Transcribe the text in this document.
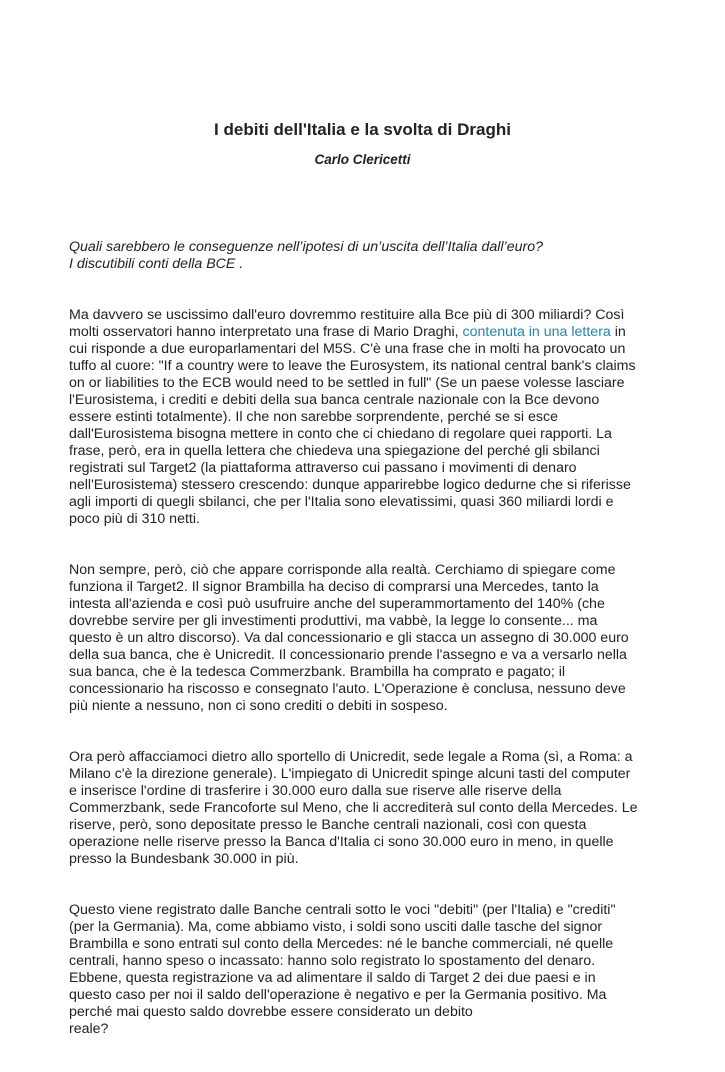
I debiti dell'Italia e la svolta di Draghi
Carlo Clericetti

Quali sarebbero le conseguenze nell’ipotesi di un’uscita dell’Italia dall’euro?
I discutibili conti della BCE .

Ma davvero se uscissimo dall'euro dovremmo restituire alla Bce più di 300 miliardi? Così
molti osservatori hanno interpretato una frase di Mario Draghi, contenuta in una lettera in
cui risponde a due europarlamentari del M5S. C'è una frase che in molti ha provocato un
tuffo al cuore: "If a country were to leave the Eurosystem, its national central bank's claims
on or liabilities to the ECB would need to be settled in full" (Se un paese volesse lasciare
l'Eurosistema, i crediti e debiti della sua banca centrale nazionale con la Bce devono
essere estinti totalmente). Il che non sarebbe sorprendente, perché se si esce
dall'Eurosistema bisogna mettere in conto che ci chiedano di regolare quei rapporti. La
frase, però, era in quella lettera che chiedeva una spiegazione del perché gli sbilanci
registrati sul Target2 (la piattaforma attraverso cui passano i movimenti di denaro
nell'Eurosistema) stessero crescendo: dunque apparirebbe logico dedurne che si riferisse
agli importi di quegli sbilanci, che per l'Italia sono elevatissimi, quasi 360 miliardi lordi e
poco più di 310 netti.

Non sempre, però, ciò che appare corrisponde alla realtà. Cerchiamo di spiegare come
funziona il Target2. Il signor Brambilla ha deciso di comprarsi una Mercedes, tanto la
intesta all'azienda e così può usufruire anche del superammortamento del 140% (che
dovrebbe servire per gli investimenti produttivi, ma vabbè, la legge lo consente... ma
questo è un altro discorso). Va dal concessionario e gli stacca un assegno di 30.000 euro
della sua banca, che è Unicredit. Il concessionario prende l'assegno e va a versarlo nella
sua banca, che è la tedesca Commerzbank. Brambilla ha comprato e pagato; il
concessionario ha riscosso e consegnato l'auto. L'Operazione è conclusa, nessuno deve
più niente a nessuno, non ci sono crediti o debiti in sospeso.

Ora però affacciamoci dietro allo sportello di Unicredit, sede legale a Roma (sì, a Roma: a
Milano c'è la direzione generale). L'impiegato di Unicredit spinge alcuni tasti del computer
e inserisce l'ordine di trasferire i 30.000 euro dalla sue riserve alle riserve della
Commerzbank, sede Francoforte sul Meno, che li accrediterà sul conto della Mercedes. Le
riserve, però, sono depositate presso le Banche centrali nazionali, così con questa
operazione nelle riserve presso la Banca d'Italia ci sono 30.000 euro in meno, in quelle
presso la Bundesbank 30.000 in più.

Questo viene registrato dalle Banche centrali sotto le voci "debiti" (per l'Italia) e "crediti"
(per la Germania). Ma, come abbiamo visto, i soldi sono usciti dalle tasche del signor
Brambilla e sono entrati sul conto della Mercedes: né le banche commerciali, né quelle
centrali, hanno speso o incassato: hanno solo registrato lo spostamento del denaro.
Ebbene, questa registrazione va ad alimentare il saldo di Target 2 dei due paesi e in
questo caso per noi il saldo dell'operazione è negativo e per la Germania positivo. Ma
perché mai questo saldo dovrebbe essere considerato un debito
reale?
